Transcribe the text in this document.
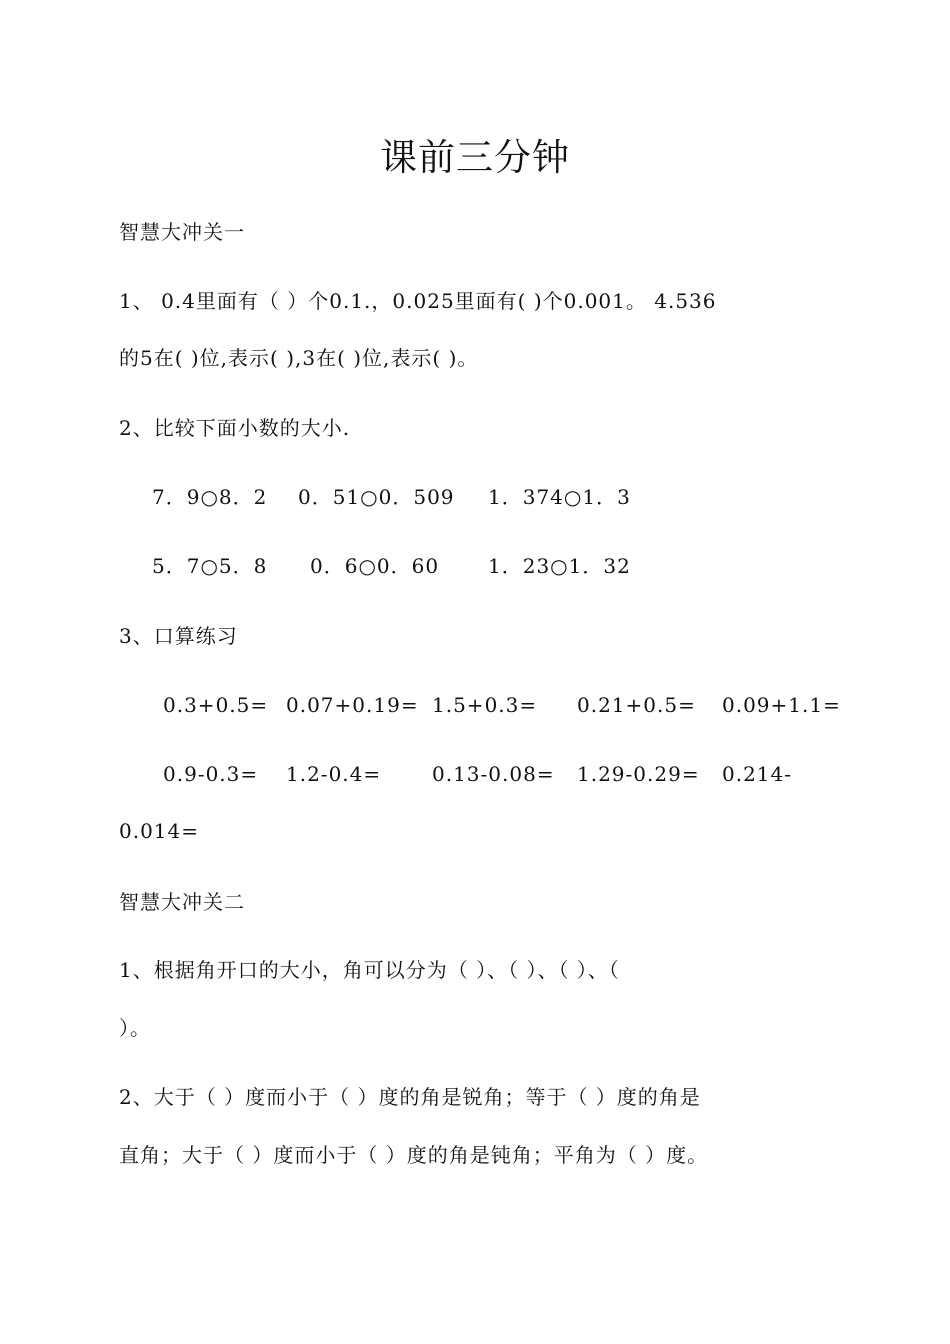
课前三分钟
智慧大冲关一
1、 0.4里面有（ ）个0.1.，0.025里面有( )个0.001。 4.536
的5在( )位,表示( ),3在( )位,表示( )。
2、比较下面小数的大小.
7．9○8．2 0．51○0．509 1．374○1．3
5．7○5．8 0．6○0．60 1．23○1．32
3、口算练习
0.3+0.5= 0.07+0.19= 1.5+0.3= 0.21+0.5= 0.09+1.1=
0.9-0.3= 1.2-0.4=	0.13-0.08= 1.29-0.29= 0.214-
0.014=
智慧大冲关二
1、根据角开口的大小，角可以分为（ ）、（ ）、（ ）、（
）。
2、大于（ ）度而小于（ ）度的角是锐角；等于（ ）度的角是
直角；大于（ ）度而小于（ ）度的角是钝角；平角为（ ）度。
